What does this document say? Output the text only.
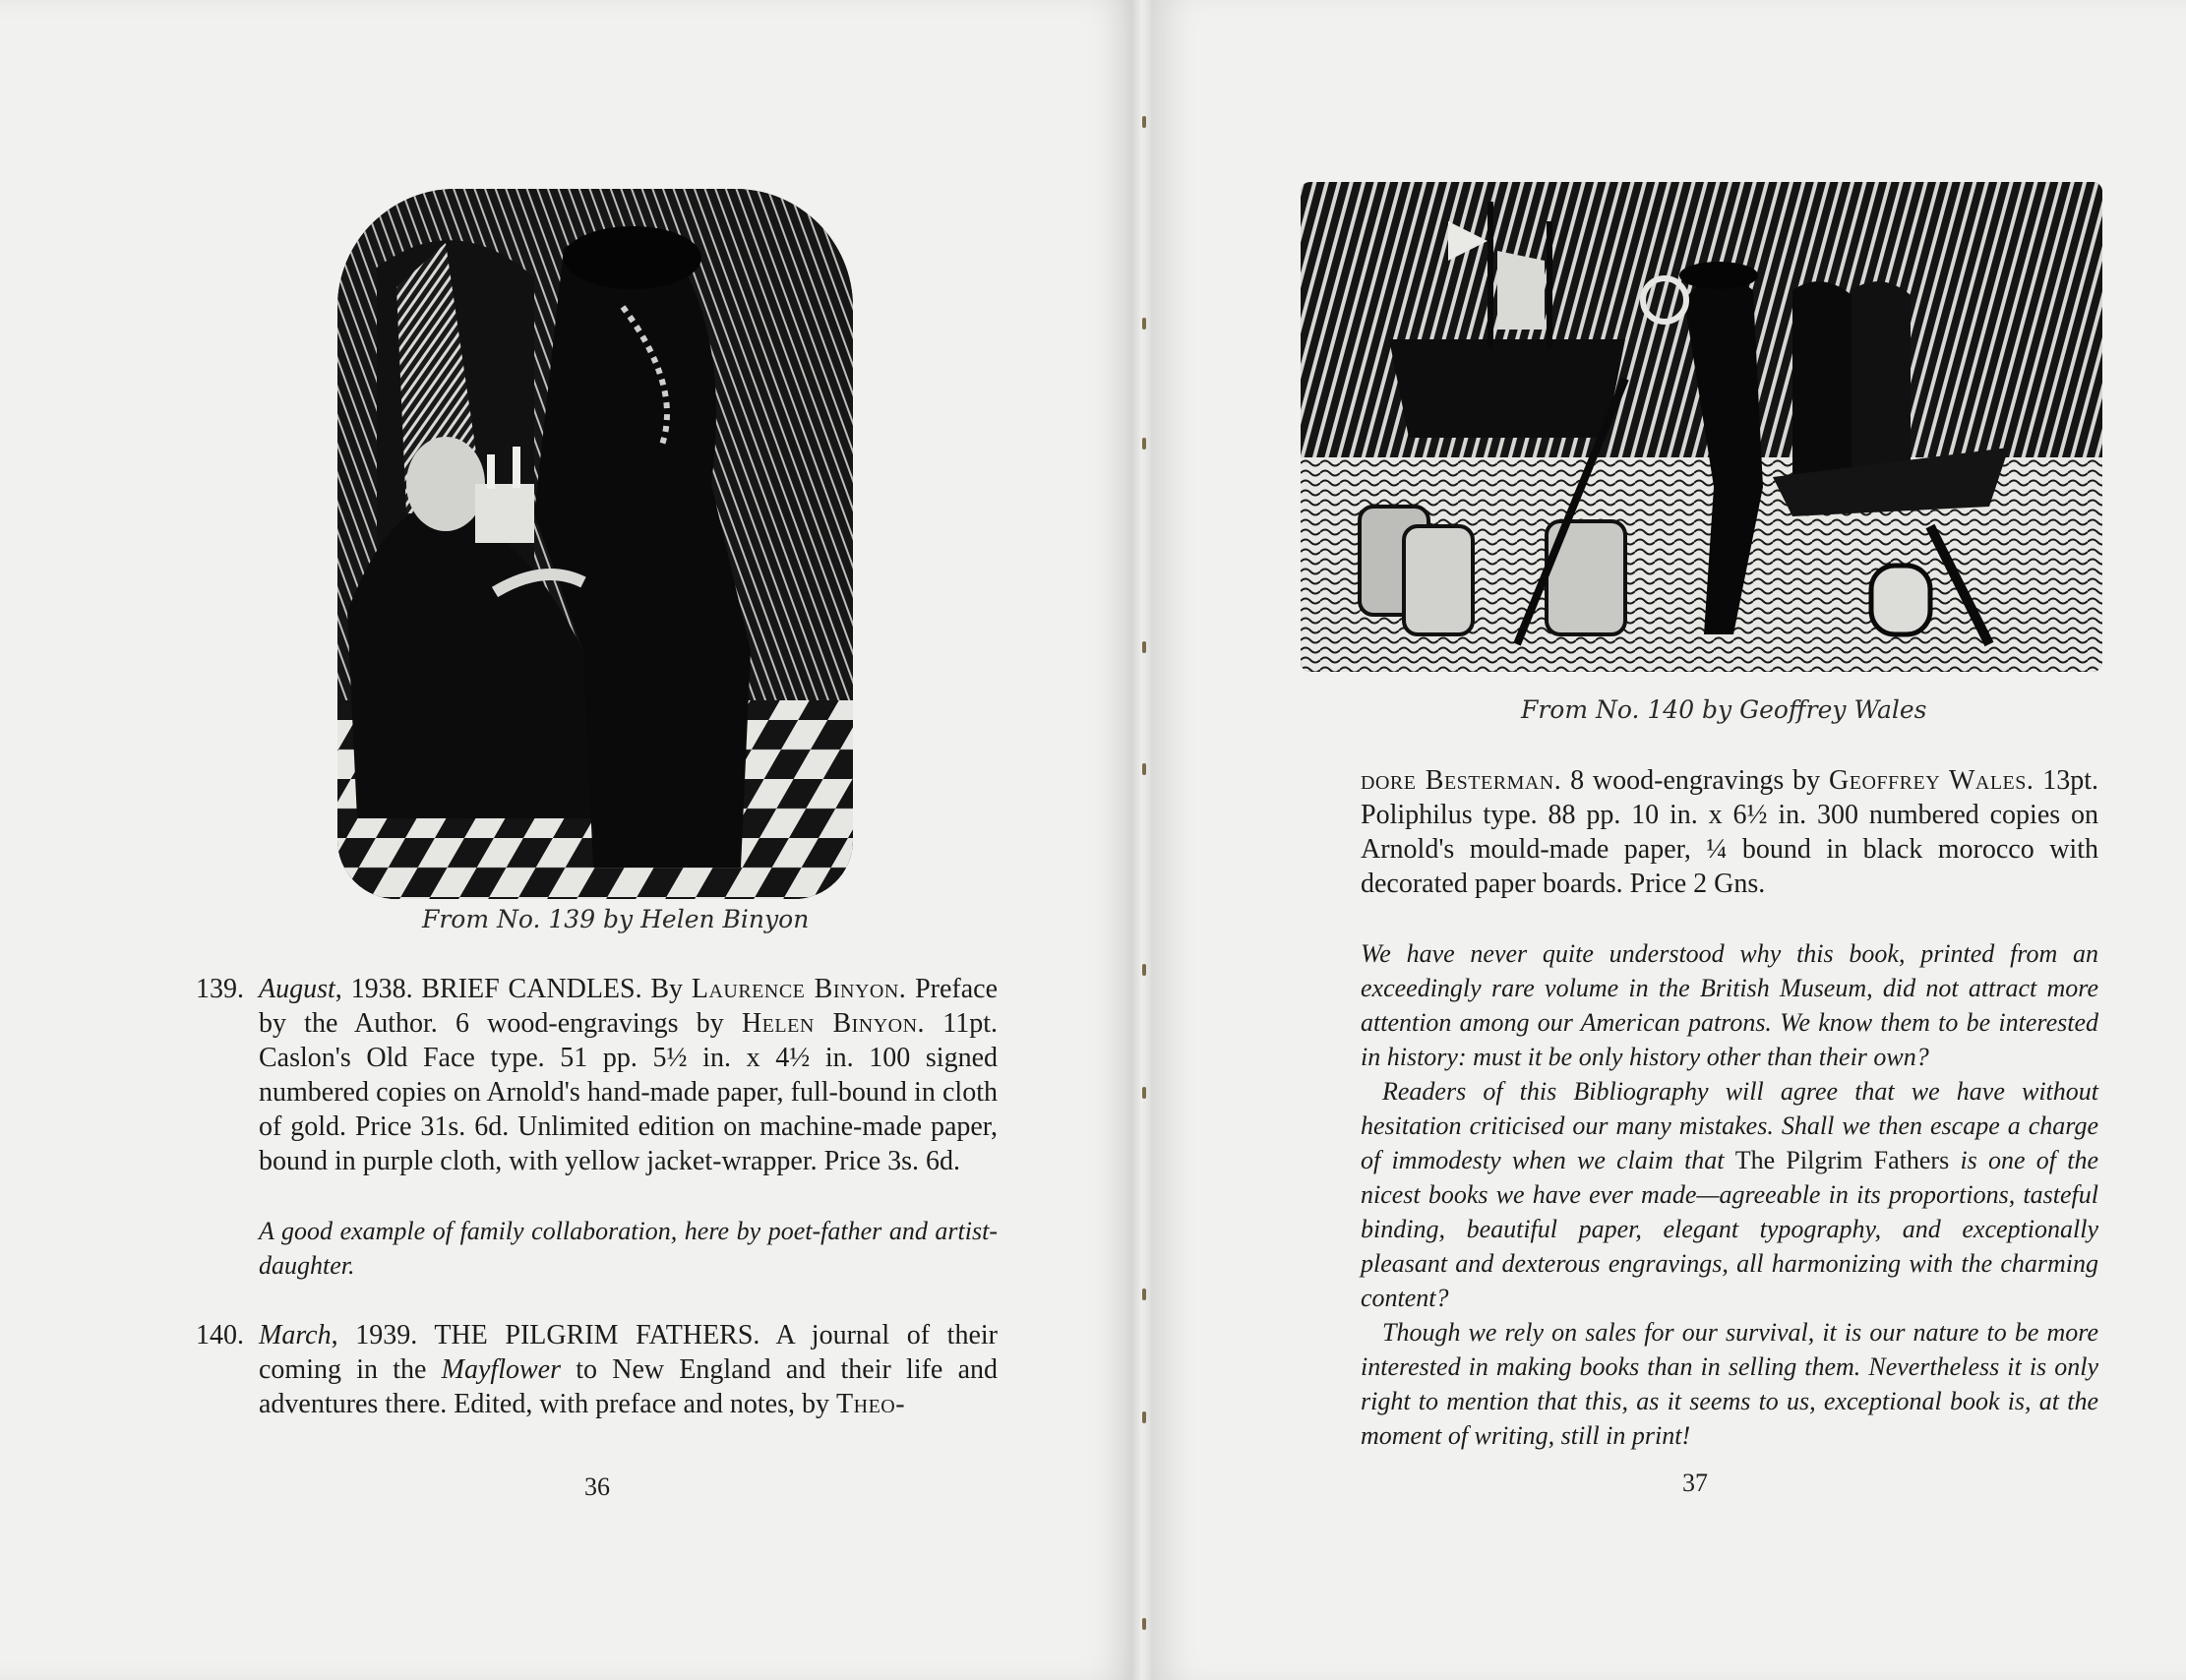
From No. 139 by Helen Binyon

139. August, 1938. BRIEF CANDLES. By Laurence Binyon. Preface by the Author. 6 wood-engravings by Helen Binyon. 11pt. Caslon's Old Face type. 51 pp. 5½ in. x 4½ in. 100 signed numbered copies on Arnold's hand-made paper, full-bound in cloth of gold. Price 31s. 6d. Unlimited edition on machine-made paper, bound in purple cloth, with yellow jacket-wrapper. Price 3s. 6d.

A good example of family collaboration, here by poet-father and artist-daughter.

140. March, 1939. THE PILGRIM FATHERS. A journal of their coming in the Mayflower to New England and their life and adventures there. Edited, with preface and notes, by Theo-

36
From No. 140 by Geoffrey Wales

dore Besterman. 8 wood-engravings by Geoffrey Wales. 13pt. Poliphilus type. 88 pp. 10 in. x 6½ in. 300 numbered copies on Arnold's mould-made paper, ¼ bound in black morocco with decorated paper boards. Price 2 Gns.

We have never quite understood why this book, printed from an exceedingly rare volume in the British Museum, did not attract more attention among our American patrons. We know them to be interested in history: must it be only history other than their own?

Readers of this Bibliography will agree that we have without hesitation criticised our many mistakes. Shall we then escape a charge of immodesty when we claim that The Pilgrim Fathers is one of the nicest books we have ever made—agreeable in its proportions, tasteful binding, beautiful paper, elegant typography, and exceptionally pleasant and dexterous engravings, all harmonizing with the charming content?

Though we rely on sales for our survival, it is our nature to be more interested in making books than in selling them. Nevertheless it is only right to mention that this, as it seems to us, exceptional book is, at the moment of writing, still in print!

37
